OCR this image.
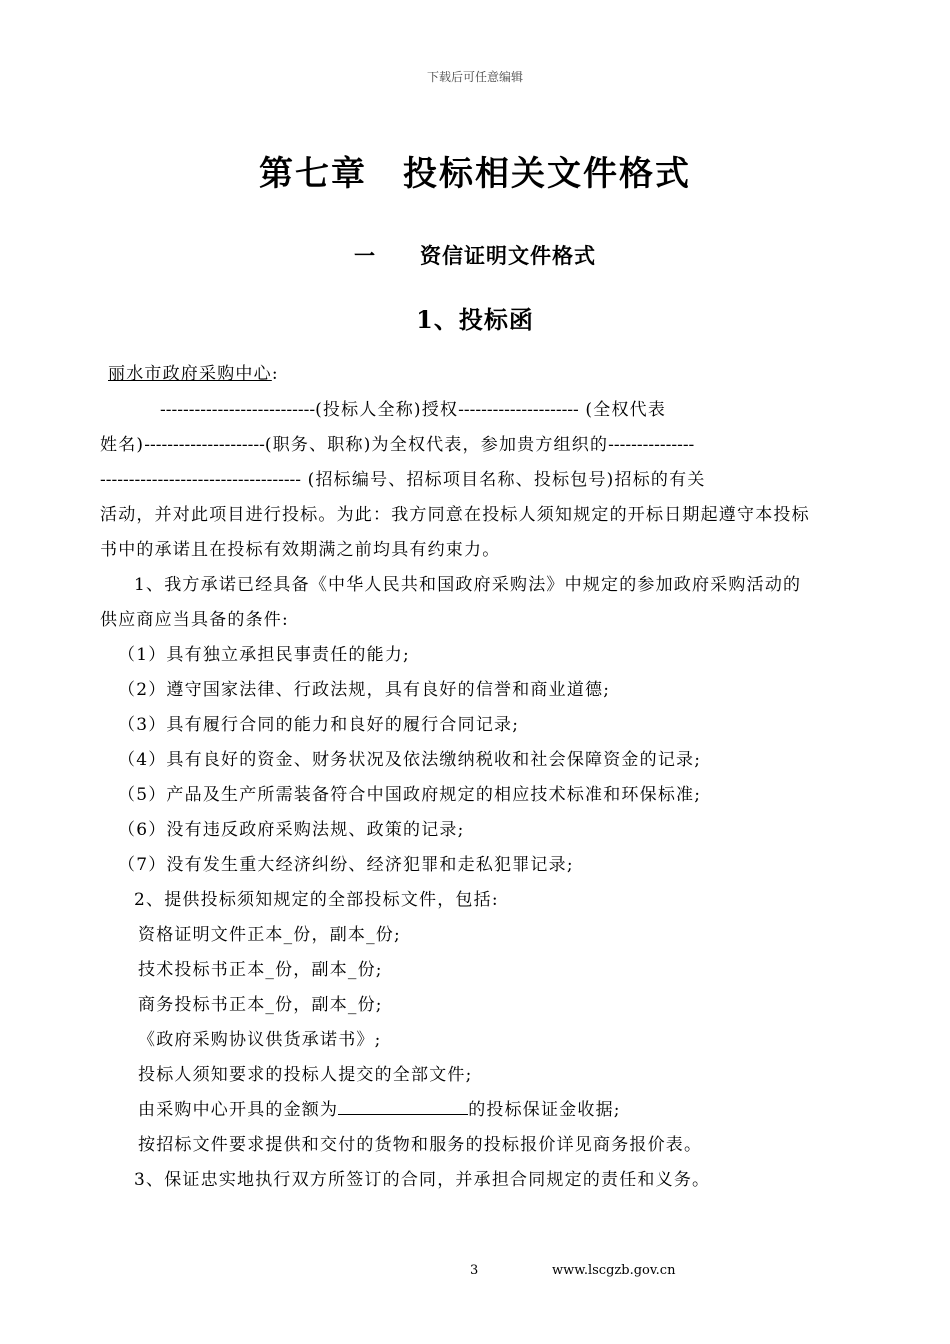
下载后可任意编辑
第七章　投标相关文件格式
一　　资信证明文件格式
1、投标函
丽水市政府采购中心:
---------------------------(投标人全称)授权--------------------- (全权代表
姓名)---------------------(职务、职称)为全权代表，参加贵方组织的---------------
----------------------------------- (招标编号、招标项目名称、投标包号)招标的有关
活动，并对此项目进行投标。为此：我方同意在投标人须知规定的开标日期起遵守本投标
书中的承诺且在投标有效期满之前均具有约束力。
1、我方承诺已经具备《中华人民共和国政府采购法》中规定的参加政府采购活动的
供应商应当具备的条件:
（1）具有独立承担民事责任的能力;
（2）遵守国家法律、行政法规，具有良好的信誉和商业道德;
（3）具有履行合同的能力和良好的履行合同记录;
（4）具有良好的资金、财务状况及依法缴纳税收和社会保障资金的记录;
（5）产品及生产所需装备符合中国政府规定的相应技术标准和环保标准;
（6）没有违反政府采购法规、政策的记录;
（7）没有发生重大经济纠纷、经济犯罪和走私犯罪记录;
2、提供投标须知规定的全部投标文件，包括:
资格证明文件正本_份，副本_份;
技术投标书正本_份，副本_份;
商务投标书正本_份，副本_份;
《政府采购协议供货承诺书》;
投标人须知要求的投标人提交的全部文件;
由采购中心开具的金额为	的投标保证金收据;
按招标文件要求提供和交付的货物和服务的投标报价详见商务报价表。
3、保证忠实地执行双方所签订的合同，并承担合同规定的责任和义务。
3	www.lscgzb.gov.cn
